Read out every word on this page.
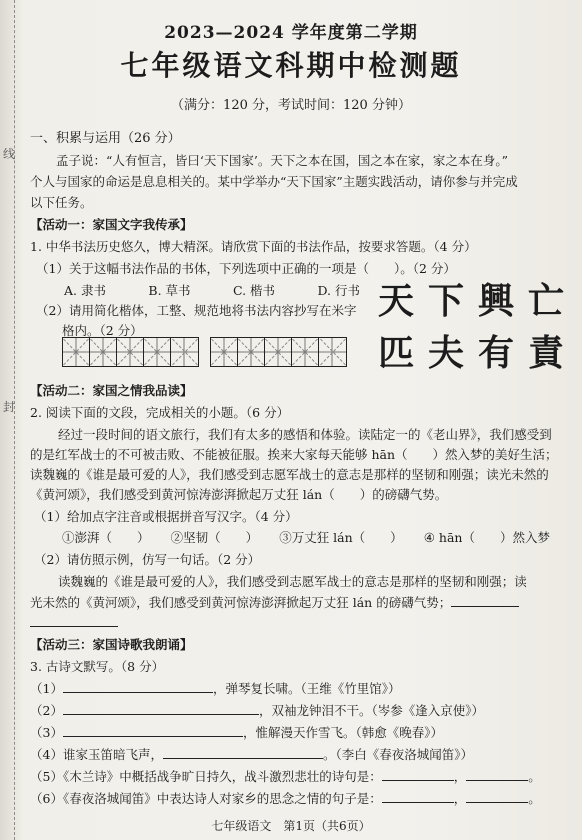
线
封
2023—2024 学年度第二学期
七年级语文科期中检测题
（满分：120 分，考试时间：120 分钟）
一、积累与运用（26 分）
孟子说：“人有恒言，皆曰‘天下国家’。天下之本在国，国之本在家，家之本在身。”
个人与国家的命运是息息相关的。某中学举办“天下国家”主题实践活动，请你参与并完成
以下任务。
【活动一：家国文字我传承】
1. 中华书法历史悠久，博大精深。请欣赏下面的书法作品，按要求答题。（4 分）
（1）关于这幅书法作品的书体，下列选项中正确的一项是（　　）。（2 分）
A. 隶书	B. 草书	C. 楷书	D. 行书
（2）请用简化楷体，工整、规范地将书法内容抄写在米字
格内。（2 分）
天下興亡
匹夫有責
【活动二：家国之情我品读】
2. 阅读下面的文段，完成相关的小题。（6 分）
经过一段时间的语文旅行，我们有太多的感悟和体验。读陆定一的《老山界》，我们感受到
的是红军战士的不可被击败、不能被征服。挨来大家每天能够 hān（　　）然入梦的美好生活；
读魏巍的《谁是最可爱的人》，我们感受到志愿军战士的意志是那样的坚韧和刚强；读光未然的
《黄河颂》，我们感受到黄河惊涛澎湃掀起万丈狂 lán（　　）的磅礴气势。
（1）给加点字注音或根据拼音写汉字。（4 分）
①澎湃（　　） ②坚韧（　　） ③万丈狂 lán（　　） ④ hān（　　）然入梦
（2）请仿照示例，仿写一句话。（2 分）
读魏巍的《谁是最可爱的人》，我们感受到志愿军战士的意志是那样的坚韧和刚强；读
光未然的《黄河颂》，我们感受到黄河惊涛澎湃掀起万丈狂 lán 的磅礴气势；
【活动三：家国诗歌我朗诵】
3. 古诗文默写。（8 分）
（1）	，弹琴复长啸。（王维《竹里馆》）
（2）	，双袖龙钟泪不干。（岑参《逢入京使》）
（3）	，惟解漫天作雪飞。（韩愈《晚春》）
（4）谁家玉笛暗飞声，	。（李白《春夜洛城闻笛》）
（5）《木兰诗》中概括战争旷日持久，战斗激烈悲壮的诗句是：	，	。
（6）《春夜洛城闻笛》中表达诗人对家乡的思念之情的句子是：	，	。
七年级语文　第1页（共6页）
